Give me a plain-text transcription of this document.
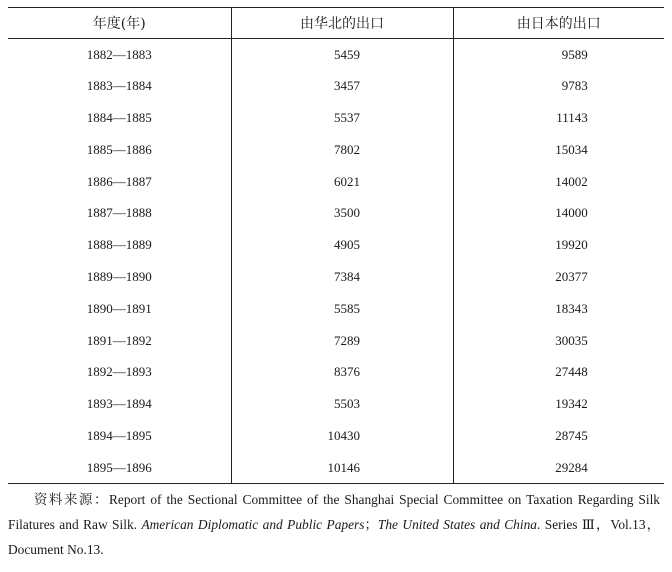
年度(年)	由华北的出口	由日本的出口
1882—1883	5459	9589
1883—1884	3457	9783
1884—1885	5537	11143
1885—1886	7802	15034
1886—1887	6021	14002
1887—1888	3500	14000
1888—1889	4905	19920
1889—1890	7384	20377
1890—1891	5585	18343
1891—1892	7289	30035
1892—1893	8376	27448
1893—1894	5503	19342
1894—1895	10430	28745
1895—1896	10146	29284
资料来源：Report of the Sectional Committee of the Shanghai Special Committee on Taxation Regarding Silk Filatures and Raw Silk. American Diplomatic and Public Papers；The United States and China. Series Ⅲ，Vol.13，Document No.13.
